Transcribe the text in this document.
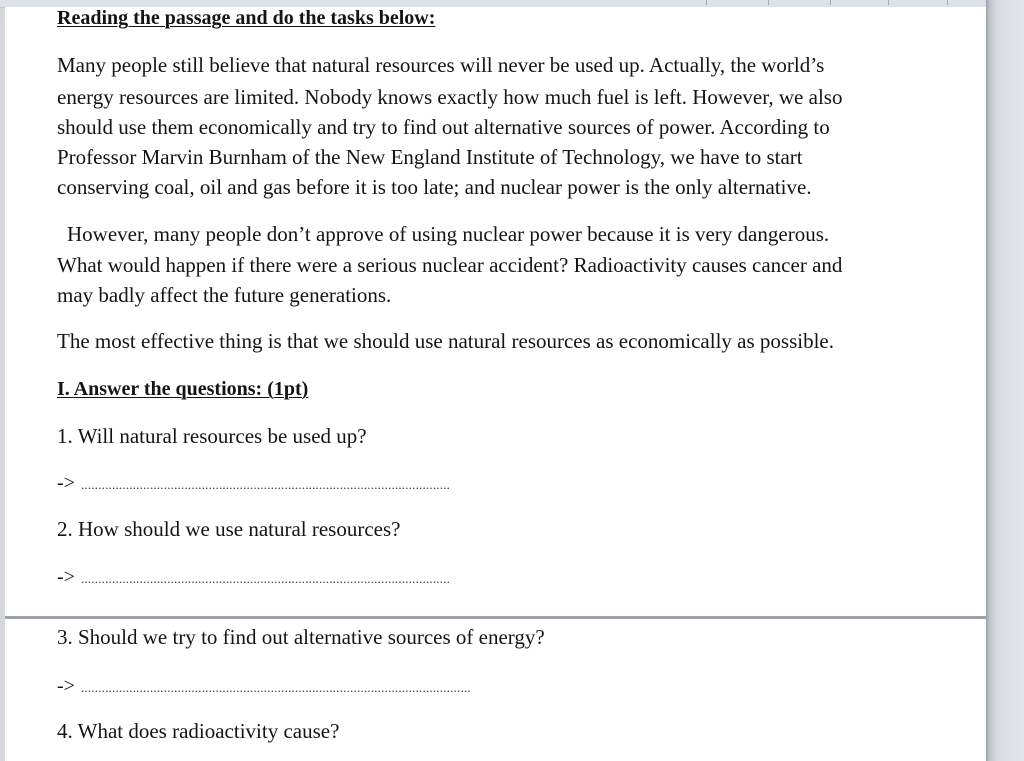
Reading the passage and do the tasks below:
Many people still believe that natural resources will never be used up. Actually, the world’s
energy resources are limited. Nobody knows exactly how much fuel is left. However, we also
should use them economically and try to find out alternative sources of power. According to
Professor Marvin Burnham of the New England Institute of Technology, we have to start
conserving coal, oil and gas before it is too late; and nuclear power is the only alternative.
However, many people don’t approve of using nuclear power because it is very dangerous.
What would happen if there were a serious nuclear accident? Radioactivity causes cancer and
may badly affect the future generations.
The most effective thing is that we should use natural resources as economically as possible.
I. Answer the questions: (1pt)
1. Will natural resources be used up?
-> ...........................................................................................................
2. How should we use natural resources?
-> ...........................................................................................................
3. Should we try to find out alternative sources of energy?
-> .................................................................................................................
4. What does radioactivity cause?
